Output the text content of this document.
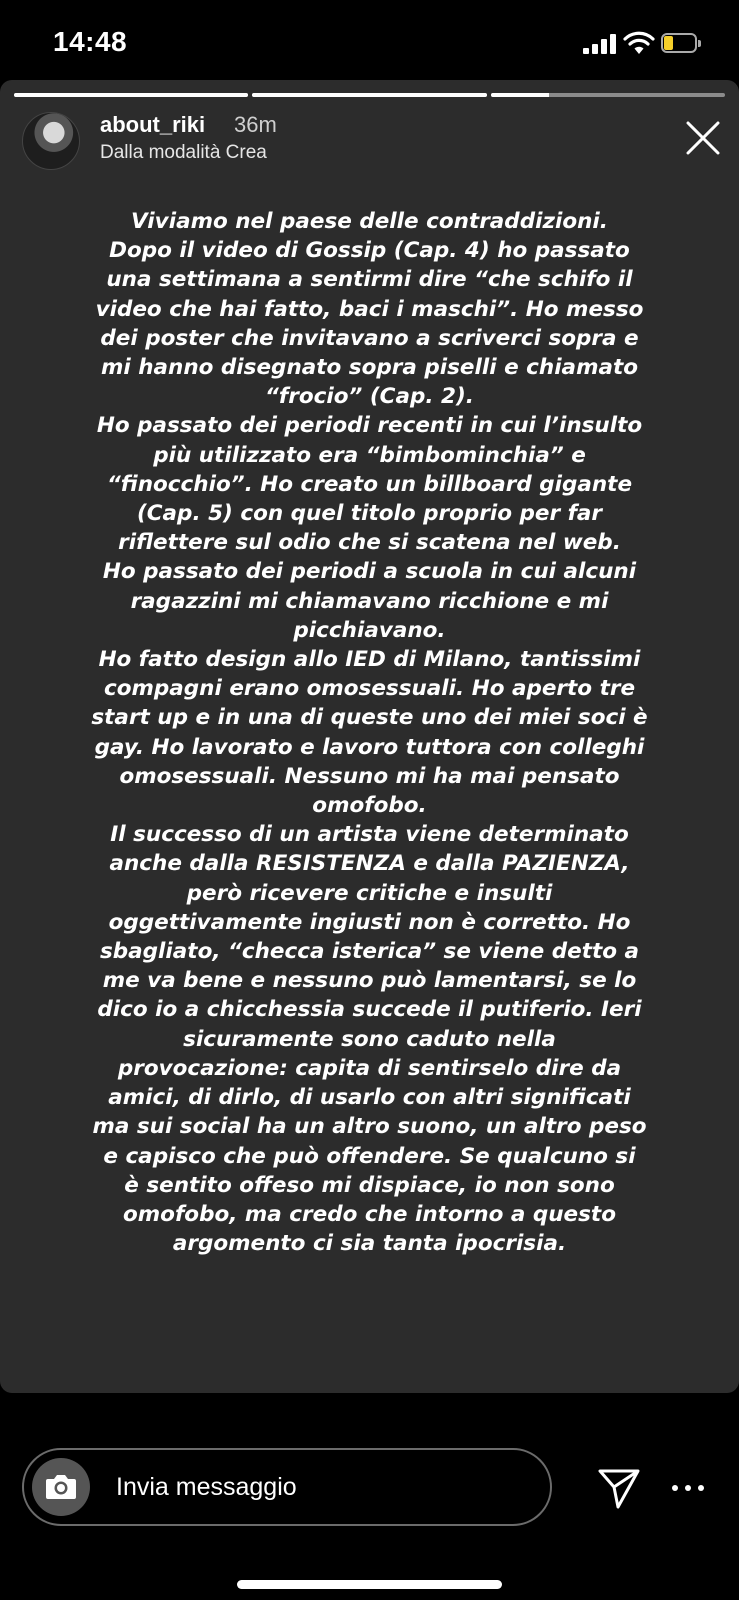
14:48
about_riki 36m
Dalla modalità Crea
Viviamo nel paese delle contraddizioni.
Dopo il video di Gossip (Cap. 4) ho passato
una settimana a sentirmi dire “che schifo il
video che hai fatto, baci i maschi”. Ho messo
dei poster che invitavano a scriverci sopra e
mi hanno disegnato sopra piselli e chiamato
“frocio” (Cap. 2).
Ho passato dei periodi recenti in cui l’insulto
più utilizzato era “bimbominchia” e
“finocchio”. Ho creato un billboard gigante
(Cap. 5) con quel titolo proprio per far
riflettere sul odio che si scatena nel web.
Ho passato dei periodi a scuola in cui alcuni
ragazzini mi chiamavano ricchione e mi
picchiavano.
Ho fatto design allo IED di Milano, tantissimi
compagni erano omosessuali. Ho aperto tre
start up e in una di queste uno dei miei soci è
gay. Ho lavorato e lavoro tuttora con colleghi
omosessuali. Nessuno mi ha mai pensato
omofobo.
Il successo di un artista viene determinato
anche dalla RESISTENZA e dalla PAZIENZA,
però ricevere critiche e insulti
oggettivamente ingiusti non è corretto. Ho
sbagliato, “checca isterica” se viene detto a
me va bene e nessuno può lamentarsi, se lo
dico io a chicchessia succede il putiferio. Ieri
sicuramente sono caduto nella
provocazione: capita di sentirselo dire da
amici, di dirlo, di usarlo con altri significati
ma sui social ha un altro suono, un altro peso
e capisco che può offendere. Se qualcuno si
è sentito offeso mi dispiace, io non sono
omofobo, ma credo che intorno a questo
argomento ci sia tanta ipocrisia.
Invia messaggio
